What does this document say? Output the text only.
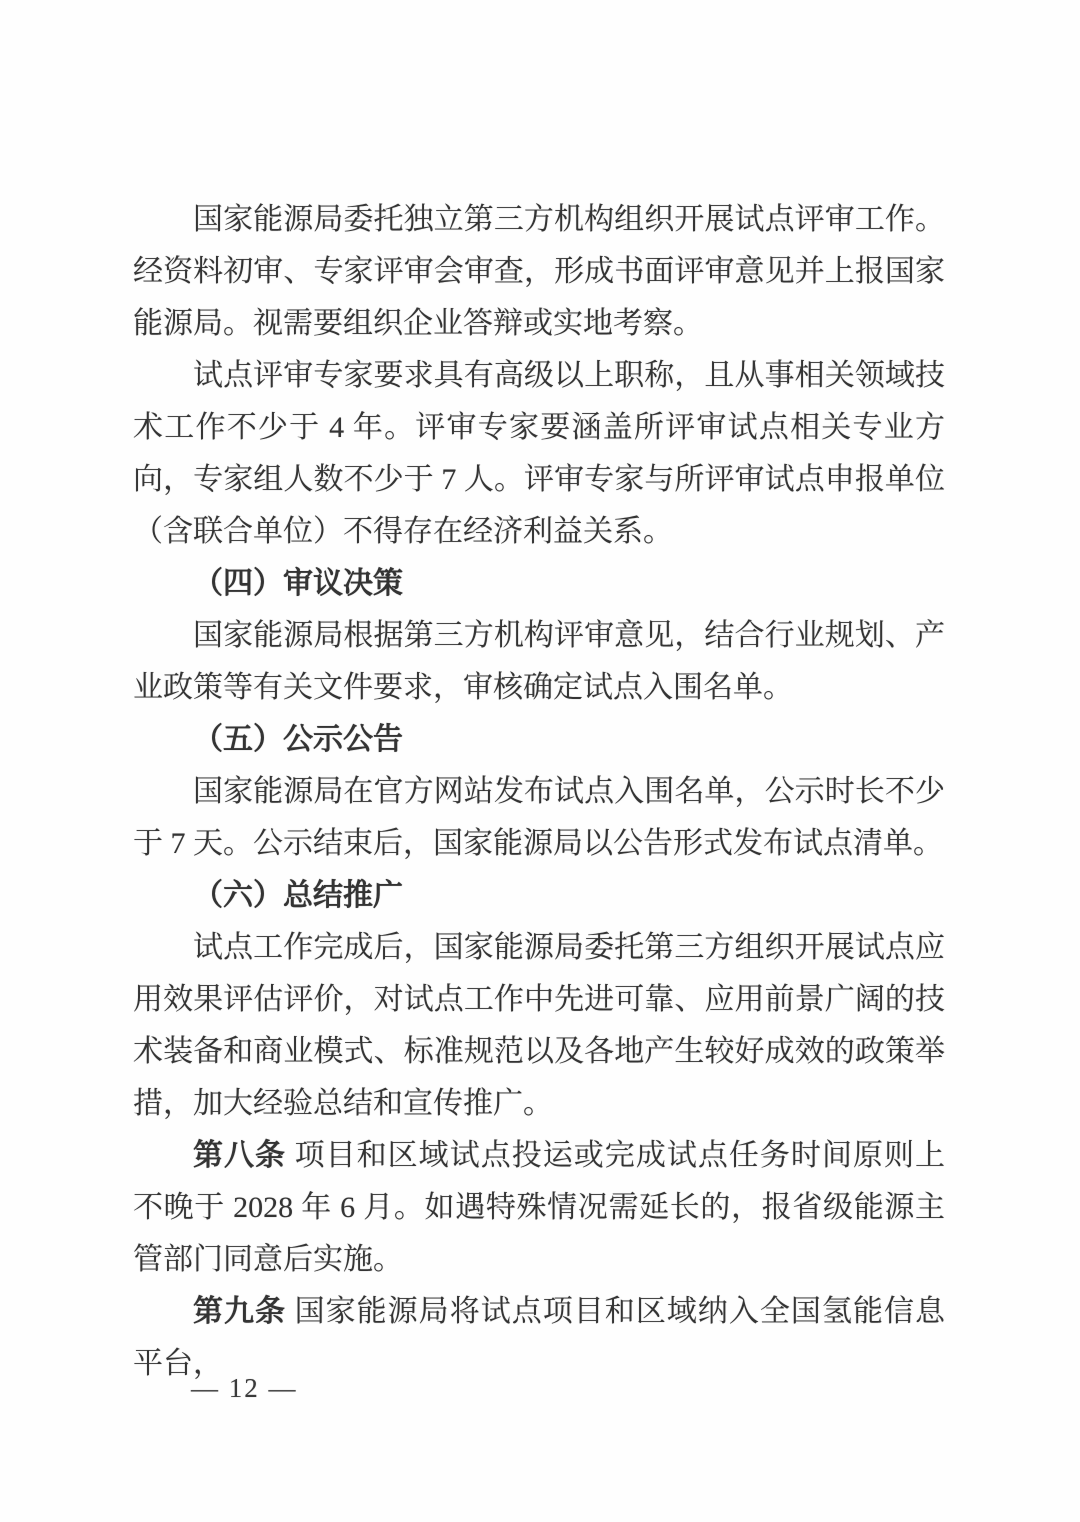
国家能源局委托独立第三方机构组织开展试点评审工作。经资料初审、专家评审会审查，形成书面评审意见并上报国家能源局。视需要组织企业答辩或实地考察。

试点评审专家要求具有高级以上职称，且从事相关领域技术工作不少于 4 年。评审专家要涵盖所评审试点相关专业方向，专家组人数不少于 7 人。评审专家与所评审试点申报单位（含联合单位）不得存在经济利益关系。

（四）审议决策

国家能源局根据第三方机构评审意见，结合行业规划、产业政策等有关文件要求，审核确定试点入围名单。

（五）公示公告

国家能源局在官方网站发布试点入围名单，公示时长不少于 7 天。公示结束后，国家能源局以公告形式发布试点清单。

（六）总结推广

试点工作完成后，国家能源局委托第三方组织开展试点应用效果评估评价，对试点工作中先进可靠、应用前景广阔的技术装备和商业模式、标准规范以及各地产生较好成效的政策举措，加大经验总结和宣传推广。

第八条 项目和区域试点投运或完成试点任务时间原则上不晚于 2028 年 6 月。如遇特殊情况需延长的，报省级能源主管部门同意后实施。

第九条 国家能源局将试点项目和区域纳入全国氢能信息平台，

— 12 —
